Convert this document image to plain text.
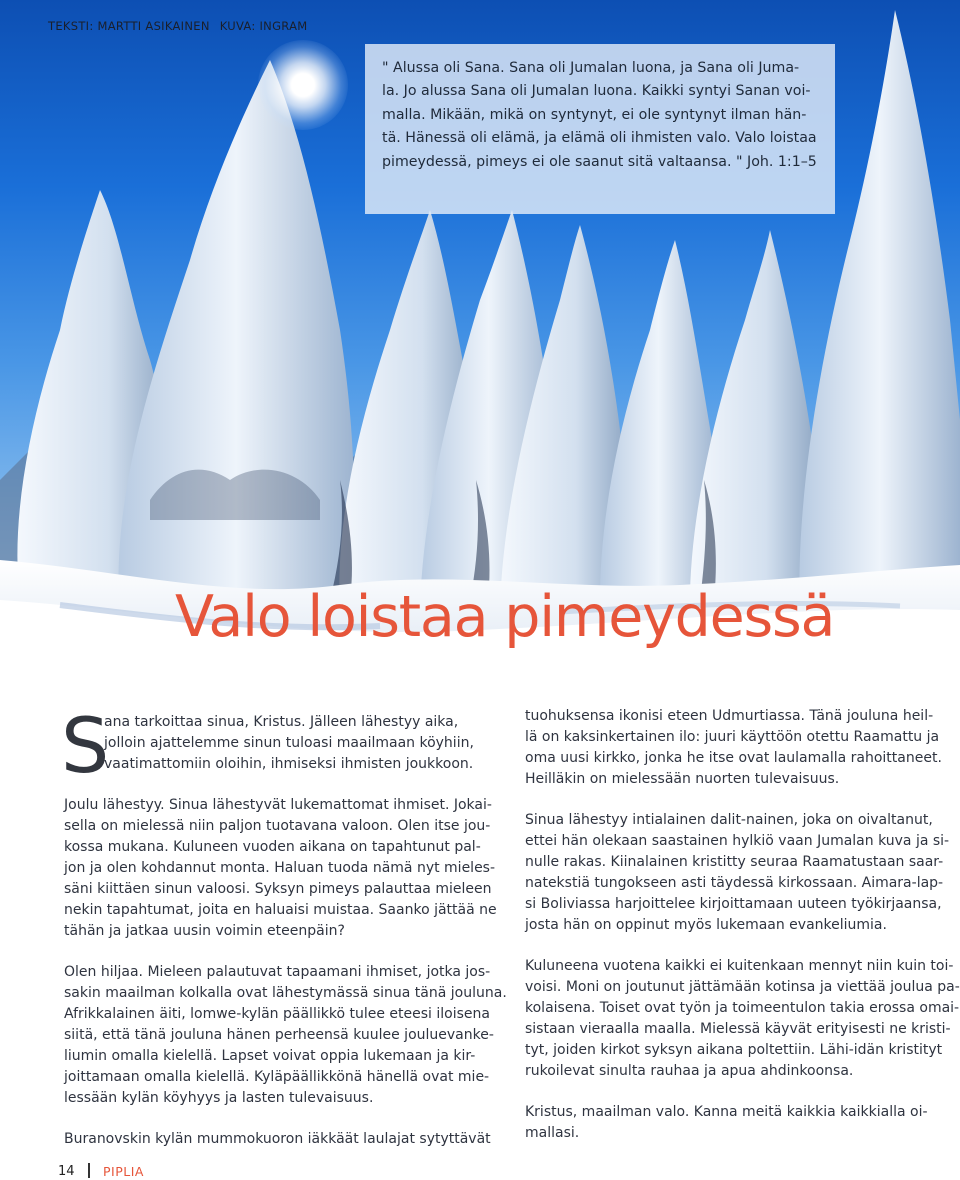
TEKSTI: MARTTI ASIKAINEN KUVA: INGRAM

" Alussa oli Sana. Sana oli Jumalan luona, ja Sana oli Juma-

la. Jo alussa Sana oli Jumalan luona. Kaikki syntyi Sanan voi-

malla. Mikään, mikä on syntynyt, ei ole syntynyt ilman hän-

tä. Hänessä oli elämä, ja elämä oli ihmisten valo. Valo loistaa

pimeydessä, pimeys ei ole saanut sitä valtaansa. " Joh. 1:1–5

Valo loistaa pimeydessä
S

ana tarkoittaa sinua, Kristus. Jälleen lähestyy aika,

jolloin ajattelemme sinun tuloasi maailmaan köyhiin,

vaatimattomiin oloihin, ihmiseksi ihmisten joukkoon.

Joulu lähestyy. Sinua lähestyvät lukemattomat ihmiset. Jokai-

sella on mielessä niin paljon tuotavana valoon. Olen itse jou-

kossa mukana. Kuluneen vuoden aikana on tapahtunut pal-

jon ja olen kohdannut monta. Haluan tuoda nämä nyt mieles-

säni kiittäen sinun valoosi. Syksyn pimeys palauttaa mieleen

nekin tapahtumat, joita en haluaisi muistaa. Saanko jättää ne

tähän ja jatkaa uusin voimin eteenpäin?

Olen hiljaa. Mieleen palautuvat tapaamani ihmiset, jotka jos-

sakin maailman kolkalla ovat lähestymässä sinua tänä jouluna.

Afrikkalainen äiti, lomwe-kylän päällikkö tulee eteesi iloisena

siitä, että tänä jouluna hänen perheensä kuulee jouluevanke-

liumin omalla kielellä. Lapset voivat oppia lukemaan ja kir-

joittamaan omalla kielellä. Kyläpäällikkönä hänellä ovat mie-

lessään kylän köyhyys ja lasten tulevaisuus.

Buranovskin kylän mummokuoron iäkkäät laulajat sytyttävät

tuohuksensa ikonisi eteen Udmurtiassa. Tänä jouluna heil-

lä on kaksinkertainen ilo: juuri käyttöön otettu Raamattu ja

oma uusi kirkko, jonka he itse ovat laulamalla rahoittaneet.

Heilläkin on mielessään nuorten tulevaisuus.

Sinua lähestyy intialainen dalit-nainen, joka on oivaltanut,

ettei hän olekaan saastainen hylkiö vaan Jumalan kuva ja si-

nulle rakas. Kiinalainen kristitty seuraa Raamatustaan saar-

natekstiä tungokseen asti täydessä kirkossaan. Aimara-lap-

si Boliviassa harjoittelee kirjoittamaan uuteen työkirjaansa,

josta hän on oppinut myös lukemaan evankeliumia.

Kuluneena vuotena kaikki ei kuitenkaan mennyt niin kuin toi-

voisi. Moni on joutunut jättämään kotinsa ja viettää joulua pa-

kolaisena. Toiset ovat työn ja toimeentulon takia erossa omai-

sistaan vieraalla maalla. Mielessä käyvät erityisesti ne kristi-

tyt, joiden kirkot syksyn aikana poltettiin. Lähi-idän kristityt

rukoilevat sinulta rauhaa ja apua ahdinkoonsa.

Kristus, maailman valo. Kanna meitä kaikkia kaikkialla oi-

mallasi.

14 PIPLIA
